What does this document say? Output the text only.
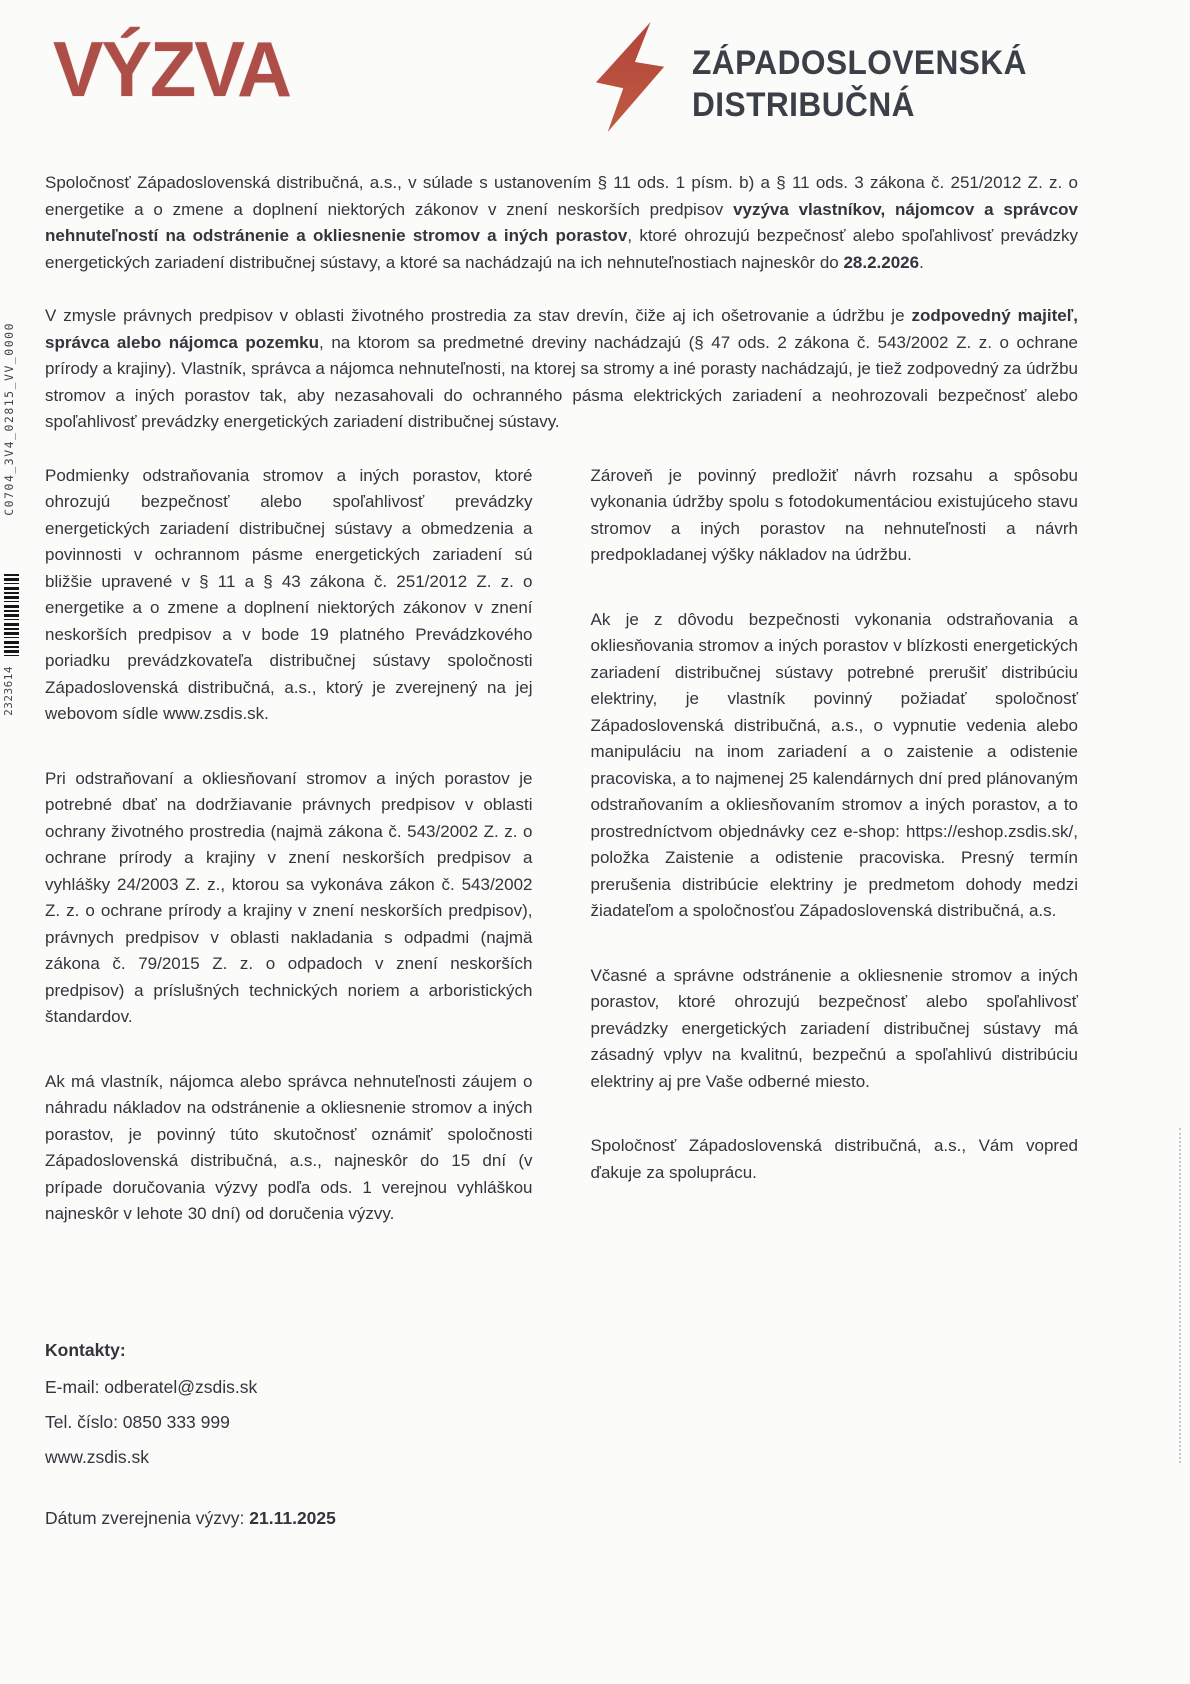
C0704_3V4_02815_VV_0000
2323614
VÝZVA	ZÁPADOSLOVENSKÁ
DISTRIBUČNÁ

Spoločnosť Západoslovenská distribučná, a.s., v súlade s ustanovením § 11 ods. 1 písm. b) a § 11 ods. 3 zákona č. 251/2012 Z. z. o energetike a o zmene a doplnení niektorých zákonov v znení neskorších predpisov vyzýva vlastníkov, nájomcov a správcov nehnuteľností na odstránenie a okliesnenie stromov a iných porastov, ktoré ohrozujú bezpečnosť alebo spoľahlivosť prevádzky energetických zariadení distribučnej sústavy, a ktoré sa nachádzajú na ich nehnuteľnostiach najneskôr do 28.2.2026.

V zmysle právnych predpisov v oblasti životného prostredia za stav drevín, čiže aj ich ošetrovanie a údržbu je zodpovedný majiteľ, správca alebo nájomca pozemku, na ktorom sa predmetné dreviny nachádzajú (§ 47 ods. 2 zákona č. 543/2002 Z. z. o ochrane prírody a krajiny). Vlastník, správca a nájomca nehnuteľnosti, na ktorej sa stromy a iné porasty nachádzajú, je tiež zodpovedný za údržbu stromov a iných porastov tak, aby nezasahovali do ochranného pásma elektrických zariadení a neohrozovali bezpečnosť alebo spoľahlivosť prevádzky energetických zariadení distribučnej sústavy.

Podmienky odstraňovania stromov a iných porastov, ktoré ohrozujú bezpečnosť alebo spoľahlivosť prevádzky energetických zariadení distribučnej sústavy a obmedzenia a povinnosti v ochrannom pásme energetických zariadení sú bližšie upravené v § 11 a § 43 zákona č. 251/2012 Z. z. o energetike a o zmene a doplnení niektorých zákonov v znení neskorších predpisov a v bode 19 platného Prevádzkového poriadku prevádzkovateľa distribučnej sústavy spoločnosti Západoslovenská distribučná, a.s., ktorý je zverejnený na jej webovom sídle www.zsdis.sk.

Pri odstraňovaní a okliesňovaní stromov a iných porastov je potrebné dbať na dodržiavanie právnych predpisov v oblasti ochrany životného prostredia (najmä zákona č. 543/2002 Z. z. o ochrane prírody a krajiny v znení neskorších predpisov a vyhlášky 24/2003 Z. z., ktorou sa vykonáva zákon č. 543/2002 Z. z. o ochrane prírody a krajiny v znení neskorších predpisov), právnych predpisov v oblasti nakladania s odpadmi (najmä zákona č. 79/2015 Z. z. o odpadoch v znení neskorších predpisov) a príslušných technických noriem a arboristických štandardov.

Ak má vlastník, nájomca alebo správca nehnuteľnosti záujem o náhradu nákladov na odstránenie a okliesnenie stromov a iných porastov, je povinný túto skutočnosť oznámiť spoločnosti Západoslovenská distribučná, a.s., najneskôr do 15 dní (v prípade doručovania výzvy podľa ods. 1 verejnou vyhláškou najneskôr v lehote 30 dní) od doručenia výzvy.

Zároveň je povinný predložiť návrh rozsahu a spôsobu vykonania údržby spolu s fotodokumentáciou existujúceho stavu stromov a iných porastov na nehnuteľnosti a návrh predpokladanej výšky nákladov na údržbu.

Ak je z dôvodu bezpečnosti vykonania odstraňovania a okliesňovania stromov a iných porastov v blízkosti energetických zariadení distribučnej sústavy potrebné prerušiť distribúciu elektriny, je vlastník povinný požiadať spoločnosť Západoslovenská distribučná, a.s., o vypnutie vedenia alebo manipuláciu na inom zariadení a o zaistenie a odistenie pracoviska, a to najmenej 25 kalendárnych dní pred plánovaným odstraňovaním a okliesňovaním stromov a iných porastov, a to prostredníctvom objednávky cez e-shop: https://eshop.zsdis.sk/, položka Zaistenie a odistenie pracoviska. Presný termín prerušenia distribúcie elektriny je predmetom dohody medzi žiadateľom a spoločnosťou Západoslovenská distribučná, a.s.

Včasné a správne odstránenie a okliesnenie stromov a iných porastov, ktoré ohrozujú bezpečnosť alebo spoľahlivosť prevádzky energetických zariadení distribučnej sústavy má zásadný vplyv na kvalitnú, bezpečnú a spoľahlivú distribúciu elektriny aj pre Vaše odberné miesto.

Spoločnosť Západoslovenská distribučná, a.s., Vám vopred ďakuje za spoluprácu.

Kontakty:
E-mail: odberatel@zsdis.sk
Tel. číslo: 0850 333 999
www.zsdis.sk
Dátum zverejnenia výzvy: 21.11.2025
